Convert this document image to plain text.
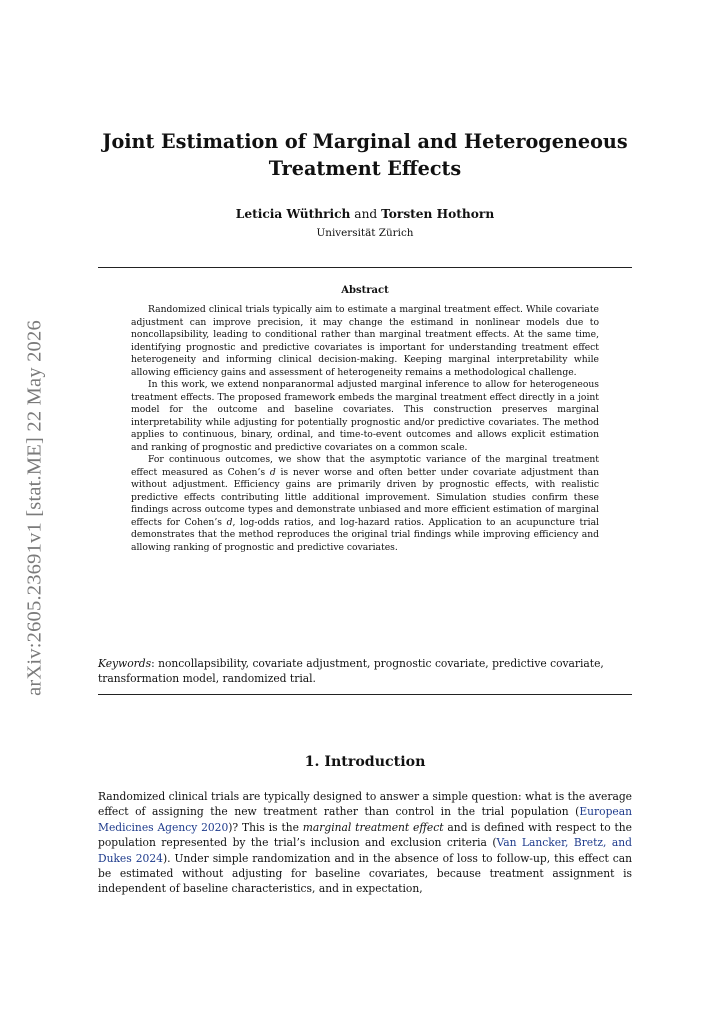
arXiv:2605.23691v1 [stat.ME] 22 May 2026
Joint Estimation of Marginal and Heterogeneous
Treatment Effects
Leticia Wüthrich and Torsten Hothorn
Universität Zürich
Abstract

Randomized clinical trials typically aim to estimate a marginal treatment effect. While covariate adjustment can improve precision, it may change the estimand in nonlinear models due to noncollapsibility, leading to conditional rather than marginal treatment effects. At the same time, identifying prognostic and predictive covariates is important for understanding treatment effect heterogeneity and informing clinical decision-making. Keeping marginal interpretability while allowing efficiency gains and assessment of heterogeneity remains a methodological challenge.

In this work, we extend nonparanormal adjusted marginal inference to allow for heterogeneous treatment effects. The proposed framework embeds the marginal treatment effect directly in a joint model for the outcome and baseline covariates. This construction preserves marginal interpretability while adjusting for potentially prognostic and/or predictive covariates. The method applies to continuous, binary, ordinal, and time-to-event outcomes and allows explicit estimation and ranking of prognostic and predictive covariates on a common scale.

For continuous outcomes, we show that the asymptotic variance of the marginal treatment effect measured as Cohen’s d is never worse and often better under covariate adjustment than without adjustment. Efficiency gains are primarily driven by prognostic effects, with realistic predictive effects contributing little additional improvement. Simulation studies confirm these findings across outcome types and demonstrate unbiased and more efficient estimation of marginal effects for Cohen’s d, log-odds ratios, and log-hazard ratios. Application to an acupuncture trial demonstrates that the method reproduces the original trial findings while improving efficiency and allowing ranking of prognostic and predictive covariates.

Keywords: noncollapsibility, covariate adjustment, prognostic covariate, predictive covariate, transformation model, randomized trial.
1. Introduction

Randomized clinical trials are typically designed to answer a simple question: what is the average effect of assigning the new treatment rather than control in the trial population (European Medicines Agency 2020)? This is the marginal treatment effect and is defined with respect to the population represented by the trial’s inclusion and exclusion criteria (Van Lancker, Bretz, and Dukes 2024). Under simple randomization and in the absence of loss to follow-up, this effect can be estimated without adjusting for baseline covariates, because treatment assignment is independent of baseline characteristics, and in expectation,
